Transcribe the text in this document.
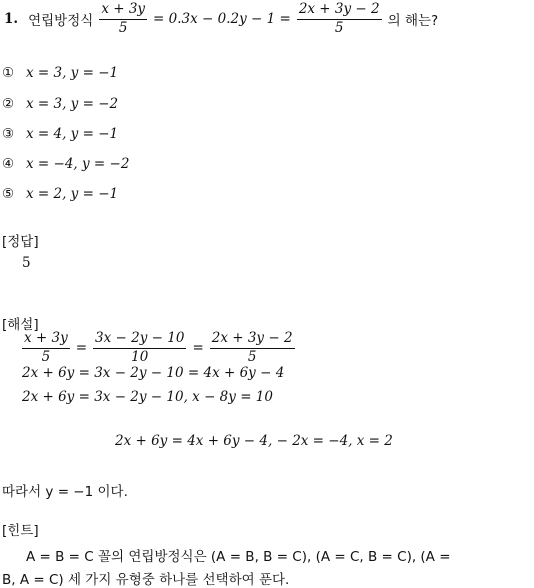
1. 연립방정식 $\frac{x + 3y}{5} = 0.3x - 0.2y - 1 = \frac{2x + 3y - 2}{5}$ 의 해는?
① x = 3, y = −1
② x = 3, y = −2
③ x = 4, y = −1
④ x = −4, y = −2
⑤ x = 2, y = −1
[정답]
5
[해설]
$\frac{x + 3y}{5} = \frac{3x - 2y - 10}{10} = \frac{2x + 3y - 2}{5}$
2x + 6y = 3x − 2y − 10 = 4x + 6y − 4
2x + 6y = 3x − 2y − 10, x − 8y = 10
2x + 6y = 4x + 6y − 4, − 2x = −4, x = 2
따라서 y = −1 이다.
[힌트]
A = B = C 꼴의 연립방정식은 (A = B, B = C), (A = C, B = C), (A =
B, A = C) 세 가지 유형중 하나를 선택하여 푼다.
